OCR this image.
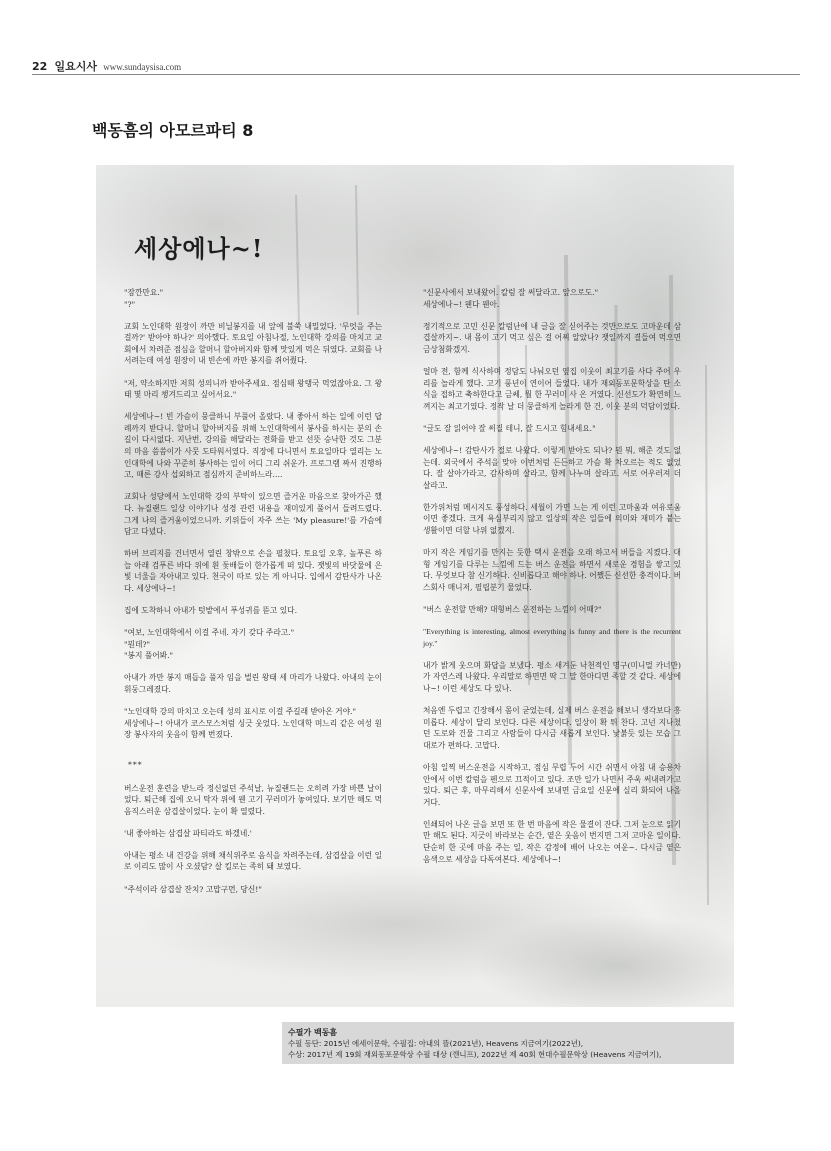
22 일요시사 www.sundaysisa.com
백동흠의 아모르파티 8
세상에나~!

"잠깐만요."

"?"

교회 노인대학 원장이 까만 비닐봉지를 내 앞에 불쑥 내밀었다. '무엇을 주는 걸까?' 받아야 하나?' 의아했다. 토요일 아침나절, 노인대학 강의를 마치고 교회에서 차려준 점심을 할머니 할아버지와 함께 맛있게 먹은 뒤였다. 교회를 나서려는데 여성 원장이 내 빈손에 까만 봉지를 쥐어줬다.

"저, 약소하지만 저희 성의니까 받아주세요. 점심때 왕탱국 먹었잖아요. 그 왕태 몇 마리 챙겨드리고 싶어서요."

세상에나~! 빈 가슴이 뭉클하니 부풀어 올랐다. 내 좋아서 하는 일에 이런 답례까지 받다니. 할머니 할아버지를 위해 노인대학에서 봉사를 하시는 분의 손길이 다시없다. 지난번, 강의를 해달라는 전화를 받고 선뜻 승낙한 것도 그분의 마음 씀씀이가 사뭇 도타워서였다. 직장에 다니면서 토요일마다 열리는 노인대학에 나와 꾸준히 봉사하는 일이 어디 그리 쉬운가. 프로그램 짜서 진행하고, 때론 강사 섭외하고 점심까지 준비하느라….

교회나 성당에서 노인대학 강의 부탁이 있으면 즐거운 마음으로 찾아가곤 했다. 뉴질랜드 일상 이야기나 성경 관련 내용을 재미있게 풀어서 들려드렸다. 그게 나의 즐거움이었으니까. 키위들이 자주 쓰는 'My pleasure!'를 가슴에 담고 다녔다.

하버 브리지를 건너면서 열린 창밖으로 손을 펼쳤다. 토요일 오후, 높푸른 하늘 아래 검푸른 바다 위에 흰 돛배들이 한가롭게 떠 있다. 잿빛의 바닷물에 은빛 너울을 자아내고 있다. 천국이 따로 있는 게 아니다. 입에서 감탄사가 나온다. 세상에나~!

집에 도착하니 아내가 텃밭에서 푸성귀를 뜯고 있다.

"여보, 노인대학에서 이걸 주네. 자기 갖다 주라고."

"뭔데?"

"봉지 풀어봐."

아내가 까만 봉지 매듭을 풀자 임을 벌린 왕태 세 마리가 나왔다. 아내의 눈이 휘둥그레졌다.

"노인대학 강의 마치고 오는데 성의 표시로 이걸 주길래 받아온 거야."

세상에나~! 아내가 코스모스처럼 싱긋 웃었다. 노인대학 며느리 같은 여성 원장 봉사자의 웃음이 함께 번졌다.

***

버스운전 훈련을 받느라 정신없던 주석날, 뉴질랜드는 오히려 가장 바쁜 날이었다. 퇴근해 집에 오니 탁자 위에 웬 고기 꾸러미가 놓여있다. 보기만 해도 먹음직스러운 삼겹살이었다. 눈이 확 열렸다.

'내 좋아하는 삼겹살 파티라도 하겠네.'

아내는 평소 내 건강을 위해 채식위주로 음식을 차려주는데, 삼겹살을 이런 일로 이리도 많이 사 오셨담? 살 킬로는 족히 돼 보였다.

"주석이라 삼겹살 잔치? 고맙구먼, 당신!"

"신문사에서 보내왔어. 칼럼 잘 써달라고. 앞으로도."

세상에나~! 웬다 웬아.

정기적으로 고민 신문 칼럼난에 내 글을 잘 싣어주는 것만으로도 고마운데 삼겹살까지~. 내 몸이 고기 먹고 싶은 걸 어찌 알았나? 잿일까지 결들여 먹으면 금상첨화겠지.

얼마 전, 함께 식사하며 정담도 나눠오던 옆집 이웃이 최고기를 사다 주어 우리를 놀라게 했다. 고기 풍년이 연이어 들었다. 내가 재외동포문학상을 탄 소식을 접하고 축하한다고 금쎄, 뭘 한 꾸러미 사 온 거였다. 신선도가 확연히 느껴지는 최고기였다. 정작 날 더 뭉클하게 놀라게 한 건, 이웃 분의 덕담이었다.

"글도 잘 읽어야 잘 써질 테니, 잘 드시고 힘내세요."

세상에나~! 감탄사가 절로 나왔다. 이렇게 받아도 되나? 뭔 뭐, 해준 것도 없는데. 외국에서 주석을 맞아 이번처럼 든든하고 가슴 확 차오르는 적도 없었다. 잘 살아가라고, 감사하며 살라고, 함께 나누며 살라고. 서로 어우러져 더 살라고.

한가위처럼 메시지도 풍성하다. 세월이 가면 느는 게 이런 고마움과 여유로움이면 좋겠다. 크게 욕심부리지 않고 일상의 작은 일들에 의미와 재미가 붙는 생활이면 더할 나위 없겠지.

마지 작은 게임기를 만지는 듯한 택시 운전을 오래 하고서 버들을 지켰다. 대형 게임기를 다루는 느낌에 드는 버스 운전을 하면서 새로운 경험을 쌓고 있다. 무엇보다 참 신기하다. 신비롭다고 해야 하나. 어쨌든 신선한 충격이다. 버스회사 매니저, 필립분기 물었다.

"버스 운전할 만해? 대형버스 운전하는 느낌이 어때?"

"Everything is interesting, almost everything is funny and there is the recurrent joy."

내가 밝게 웃으며 화답을 보냈다. 평소 새겨둔 낙천적인 명구(미니멀 카너만)가 자연스레 나왔다. 우리말로 하면면 딱 그 말 한마디면 족할 것 같다. 세상에나~! 이런 세상도 다 있나.

처음엔 두렵고 긴장해서 몸이 굳었는데, 실제 버스 운전을 해보니 생각보다 흥미롭다. 세상이 달리 보인다. 다른 세상이다. 일상이 확 튀 찬다. 고넌 지나쳤던 도로와 건물 그리고 사람들이 다시금 새롭게 보인다. 낯붉듯 있는 모습 그대로가 편하다. 고맙다.

아침 일찍 버스운전을 시작하고, 점심 무렵 두어 시간 쉬면서 아침 내 승용차 안에서 이번 칼럼을 펜으로 끄적이고 있다. 조만 일가 나면서 주욱 써내려가고 있다. 퇴근 후, 마무리해서 신문사에 보내면 금요일 신문에 실리 화되어 나올 거다.

인쇄되어 나온 글을 보면 또 한 번 마음에 작은 물결이 잔다. 그저 눈으로 읽기만 해도 된다. 지긋이 바라보는 순간, 옅은 웃음이 번지면 그저 고마운 일이다. 단순히 한 곳에 마음 주는 일, 작은 감정에 배어 나오는 여운~. 다시금 옅은 음색으로 세상을 다독여본다. 세상에나~!

수필가 백동흠
수필 등단: 2015년 에세이문학, 수필집: 아내의 뜰(2021년), Heavens 지금여기(2022년),
수상: 2017년 제 19회 재외동포문학상 수필 대상 (깬니프), 2022년 제 40회 현대수필문학상 (Heavens 지금여기),
